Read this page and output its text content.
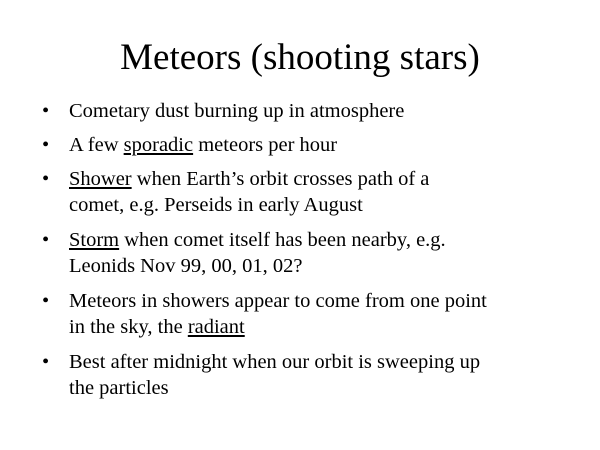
Meteors (shooting stars)
• Cometary dust burning up in atmosphere
• A few sporadic meteors per hour
• Shower when Earth’s orbit crosses path of a
comet, e.g. Perseids in early August
• Storm when comet itself has been nearby, e.g.
Leonids Nov 99, 00, 01, 02?
• Meteors in showers appear to come from one point
in the sky, the radiant
• Best after midnight when our orbit is sweeping up
the particles
